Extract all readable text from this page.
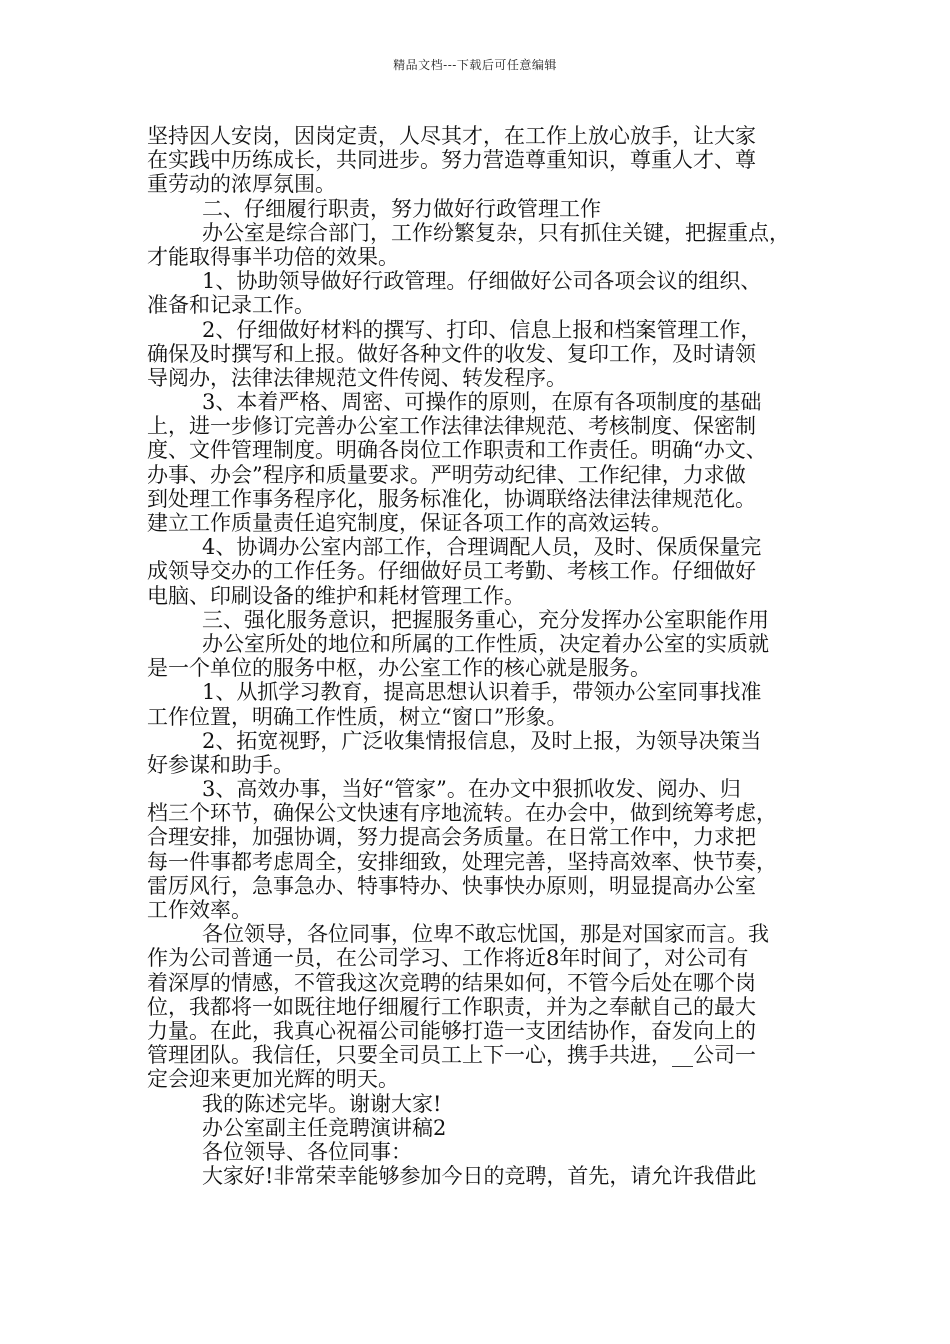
精品文档---下载后可任意编辑
坚持因人安岗，因岗定责，人尽其才，在工作上放心放手，让大家
在实践中历练成长，共同进步。努力营造尊重知识，尊重人才、尊
重劳动的浓厚氛围。
二、仔细履行职责，努力做好行政管理工作
办公室是综合部门，工作纷繁复杂，只有抓住关键，把握重点，
才能取得事半功倍的效果。
1、协助领导做好行政管理。仔细做好公司各项会议的组织、
准备和记录工作。
2、仔细做好材料的撰写、打印、信息上报和档案管理工作，
确保及时撰写和上报。做好各种文件的收发、复印工作，及时请领
导阅办，法律法律规范文件传阅、转发程序。
3、本着严格、周密、可操作的原则，在原有各项制度的基础
上，进一步修订完善办公室工作法律法律规范、考核制度、保密制
度、文件管理制度。明确各岗位工作职责和工作责任。明确“办文、
办事、办会”程序和质量要求。严明劳动纪律、工作纪律，力求做
到处理工作事务程序化，服务标准化，协调联络法律法律规范化。
建立工作质量责任追究制度，保证各项工作的高效运转。
4、协调办公室内部工作，合理调配人员，及时、保质保量完
成领导交办的工作任务。仔细做好员工考勤、考核工作。仔细做好
电脑、印刷设备的维护和耗材管理工作。
三、强化服务意识，把握服务重心，充分发挥办公室职能作用
办公室所处的地位和所属的工作性质，决定着办公室的实质就
是一个单位的服务中枢，办公室工作的核心就是服务。
1、从抓学习教育，提高思想认识着手，带领办公室同事找准
工作位置，明确工作性质，树立“窗口”形象。
2、拓宽视野，广泛收集情报信息，及时上报，为领导决策当
好参谋和助手。
3、高效办事，当好“管家”。在办文中狠抓收发、阅办、归
档三个环节，确保公文快速有序地流转。在办会中，做到统筹考虑，
合理安排，加强协调，努力提高会务质量。在日常工作中，力求把
每一件事都考虑周全，安排细致，处理完善，坚持高效率、快节奏，
雷厉风行，急事急办、特事特办、快事快办原则，明显提高办公室
工作效率。
各位领导，各位同事，位卑不敢忘忧国，那是对国家而言。我
作为公司普通一员，在公司学习、工作将近8年时间了，对公司有
着深厚的情感，不管我这次竞聘的结果如何，不管今后处在哪个岗
位，我都将一如既往地仔细履行工作职责，并为之奉献自己的最大
力量。在此，我真心祝福公司能够打造一支团结协作，奋发向上的
管理团队。我信任，只要全司员工上下一心，携手共进，__公司一
定会迎来更加光辉的明天。
我的陈述完毕。谢谢大家!
办公室副主任竞聘演讲稿2
各位领导、各位同事：
大家好!非常荣幸能够参加今日的竞聘，首先，请允许我借此
